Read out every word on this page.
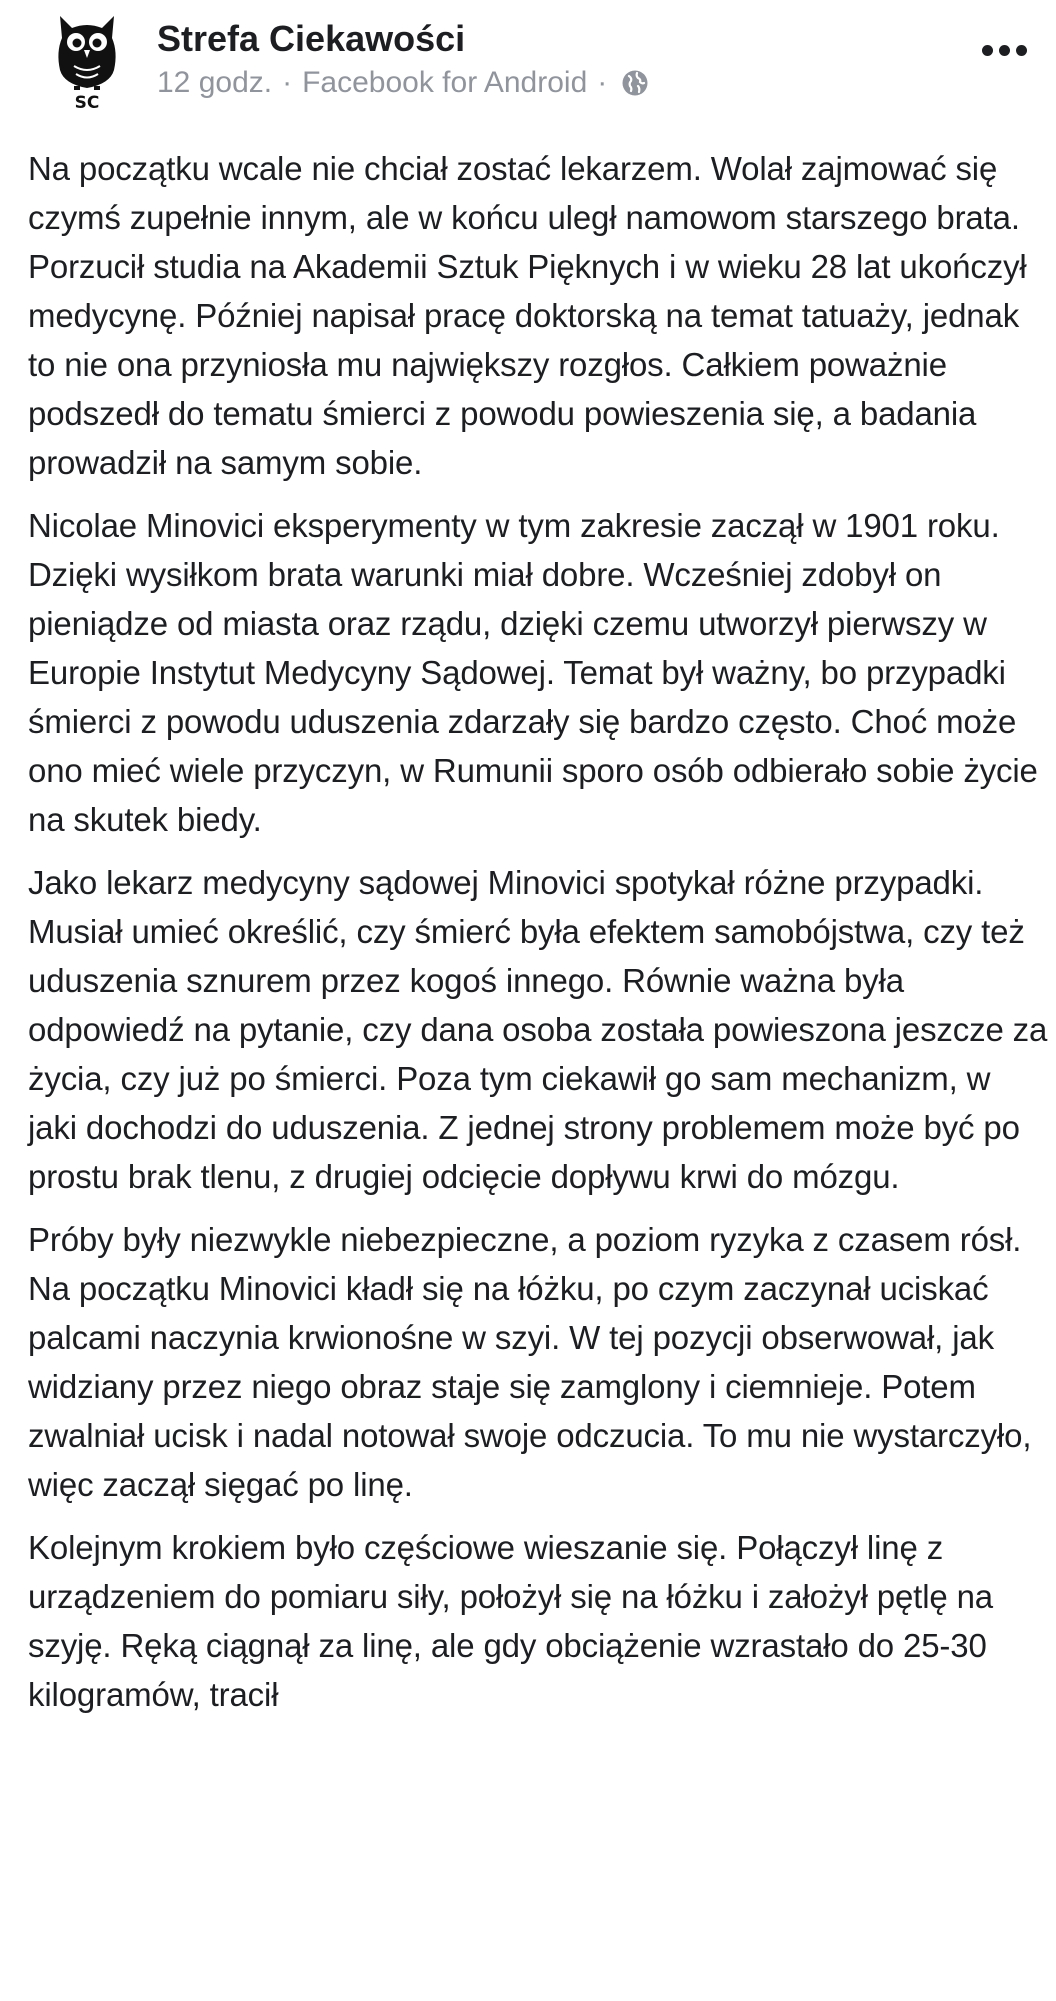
SC
Strefa Ciekawości
12 godz. · Facebook for Android ·

Na początku wcale nie chciał zostać lekarzem. Wolał zajmować się czymś zupełnie innym, ale w końcu uległ namowom starszego brata. Porzucił studia na Akademii Sztuk Pięknych i w wieku 28 lat ukończył medycynę. Później napisał pracę doktorską na temat tatuaży, jednak to nie ona przyniosła mu największy rozgłos. Całkiem poważnie podszedł do tematu śmierci z powodu powieszenia się, a badania prowadził na samym sobie.

Nicolae Minovici eksperymenty w tym zakresie zaczął w 1901 roku. Dzięki wysiłkom brata warunki miał dobre. Wcześniej zdobył on pieniądze od miasta oraz rządu, dzięki czemu utworzył pierwszy w Europie Instytut Medycyny Sądowej. Temat był ważny, bo przypadki śmierci z powodu uduszenia zdarzały się bardzo często. Choć może ono mieć wiele przyczyn, w Rumunii sporo osób odbierało sobie życie na skutek biedy.

Jako lekarz medycyny sądowej Minovici spotykał różne przypadki. Musiał umieć określić, czy śmierć była efektem samobójstwa, czy też uduszenia sznurem przez kogoś innego. Równie ważna była odpowiedź na pytanie, czy dana osoba została powieszona jeszcze za życia, czy już po śmierci. Poza tym ciekawił go sam mechanizm, w jaki dochodzi do uduszenia. Z jednej strony problemem może być po prostu brak tlenu, z drugiej odcięcie dopływu krwi do mózgu.

Próby były niezwykle niebezpieczne, a poziom ryzyka z czasem rósł. Na początku Minovici kładł się na łóżku, po czym zaczynał uciskać palcami naczynia krwionośne w szyi. W tej pozycji obserwował, jak widziany przez niego obraz staje się zamglony i ciemnieje. Potem zwalniał ucisk i nadal notował swoje odczucia. To mu nie wystarczyło, więc zaczął sięgać po linę.

Kolejnym krokiem było częściowe wieszanie się. Połączył linę z urządzeniem do pomiaru siły, położył się na łóżku i założył pętlę na szyję. Ręką ciągnął za linę, ale gdy obciążenie wzrastało do 25-30 kilogramów, tracił
